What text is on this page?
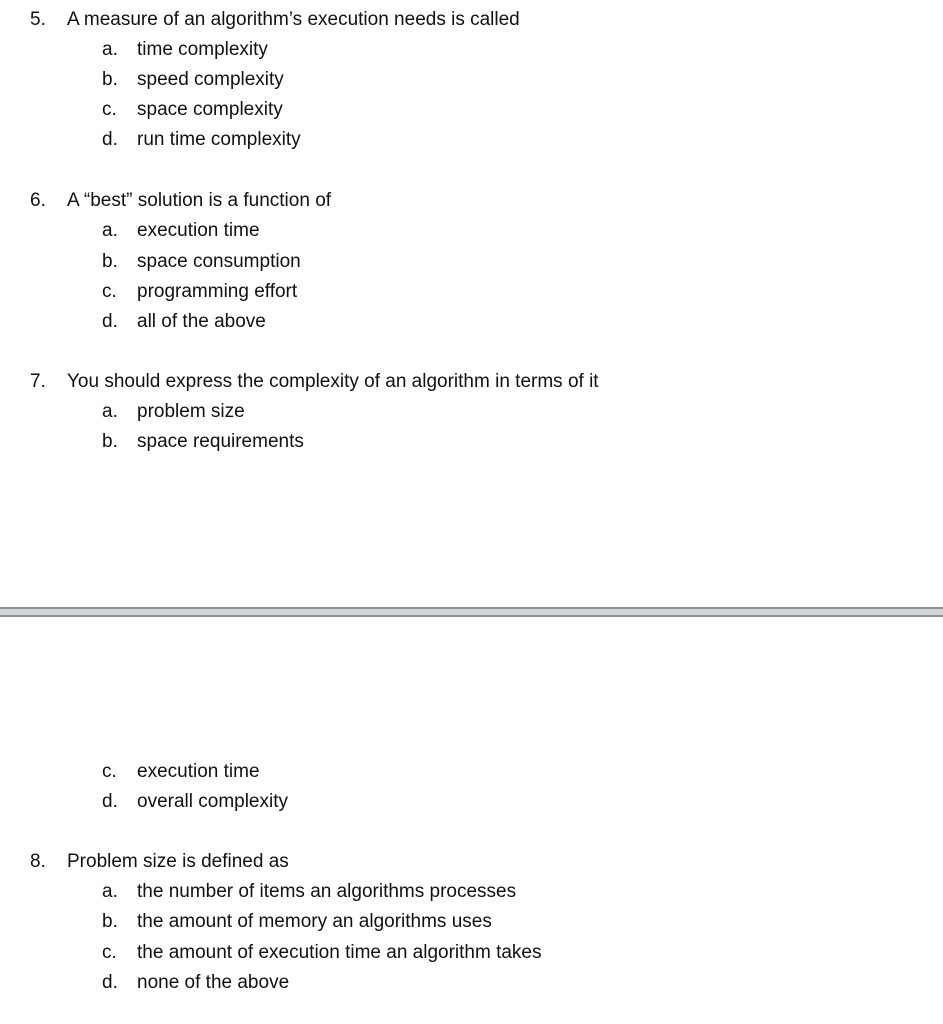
5. A measure of an algorithm’s execution needs is called
a. time complexity
b. speed complexity
c. space complexity
d. run time complexity
6. A “best” solution is a function of
a. execution time
b. space consumption
c. programming effort
d. all of the above
7. You should express the complexity of an algorithm in terms of it
a. problem size
b. space requirements
c. execution time
d. overall complexity
8. Problem size is defined as
a. the number of items an algorithms processes
b. the amount of memory an algorithms uses
c. the amount of execution time an algorithm takes
d. none of the above
